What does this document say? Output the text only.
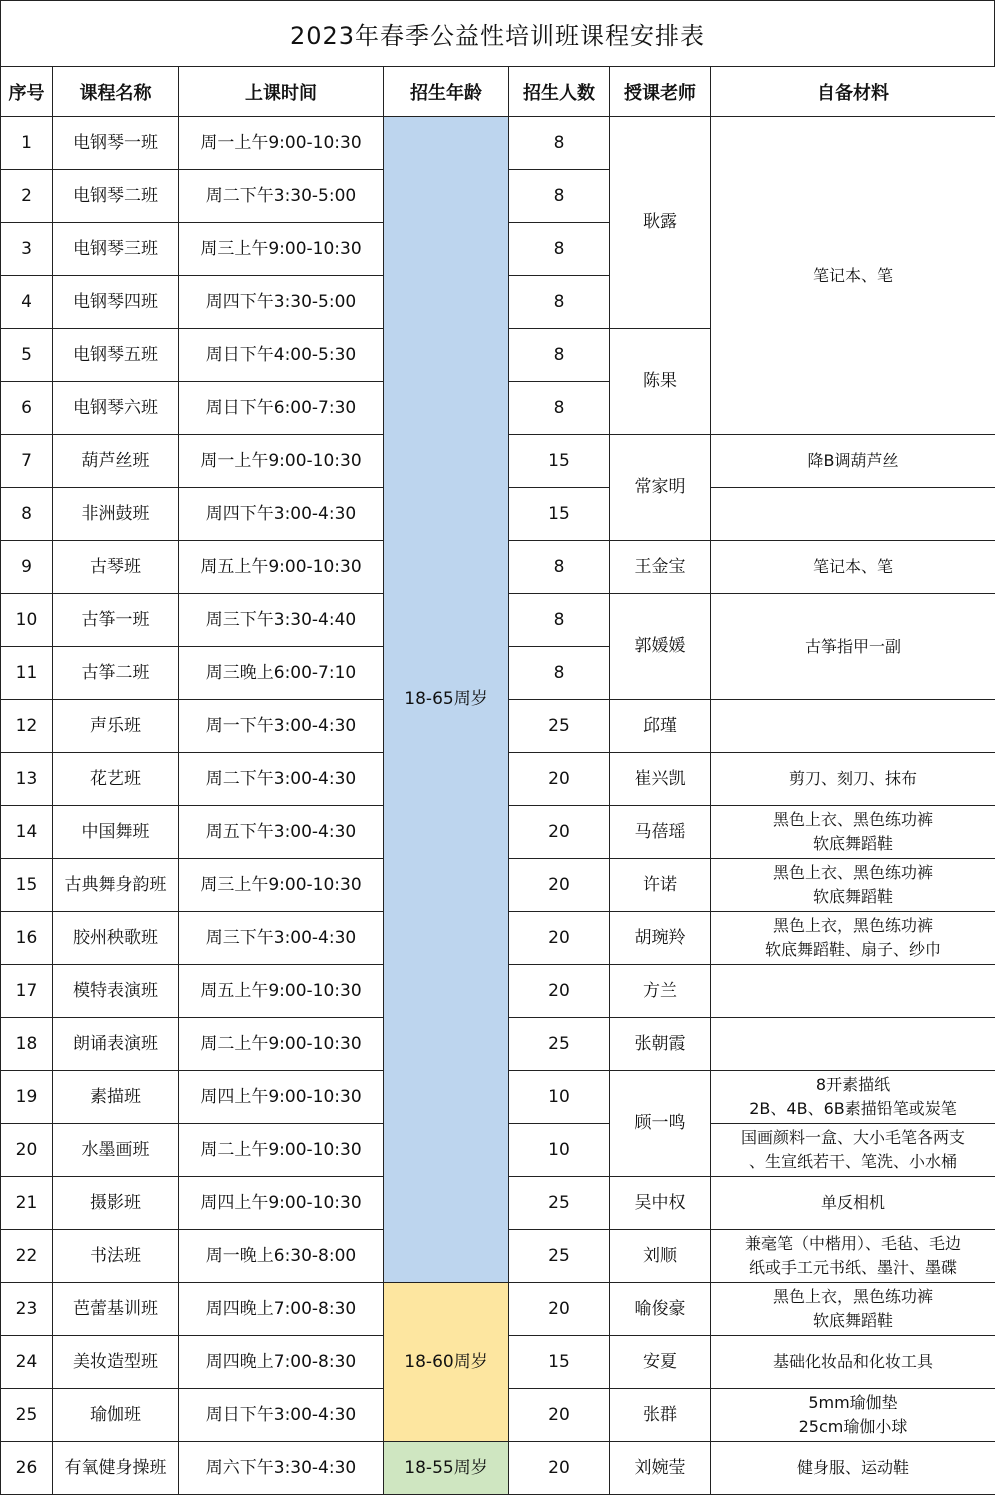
2023年春季公益性培训班课程安排表
序号	课程名称	上课时间	招生年龄	招生人数	授课老师	自备材料
1	电钢琴一班	周一上午9:00-10:30	18-65周岁	8	耿露	笔记本、笔
2	电钢琴二班	周二下午3:30-5:00		8		
3	电钢琴三班	周三上午9:00-10:30		8		
4	电钢琴四班	周四下午3:30-5:00		8		
5	电钢琴五班	周日下午4:00-5:30		8	陈果	
6	电钢琴六班	周日下午6:00-7:30		8		
7	葫芦丝班	周一上午9:00-10:30		15	常家明	降B调葫芦丝
8	非洲鼓班	周四下午3:00-4:30		15		
9	古琴班	周五上午9:00-10:30		8	王金宝	笔记本、笔
10	古筝一班	周三下午3:30-4:40		8	郭媛媛	古筝指甲一副
11	古筝二班	周三晚上6:00-7:10		8		
12	声乐班	周一下午3:00-4:30		25	邱瑾	
13	花艺班	周二下午3:00-4:30		20	崔兴凯	剪刀、刻刀、抹布
14	中国舞班	周五下午3:00-4:30		20	马蓓瑶	黑色上衣、黑色练功裤
软底舞蹈鞋

15	古典舞身韵班	周三上午9:00-10:30		20	许诺	黑色上衣、黑色练功裤
软底舞蹈鞋

16	胶州秧歌班	周三下午3:00-4:30		20	胡琬羚	黑色上衣，黑色练功裤
软底舞蹈鞋、扇子、纱巾

17	模特表演班	周五上午9:00-10:30		20	方兰	
18	朗诵表演班	周二上午9:00-10:30		25	张朝霞	
19	素描班	周四上午9:00-10:30		10	顾一鸣	8开素描纸
2B、4B、6B素描铅笔或炭笔

20	水墨画班	周二上午9:00-10:30		10		国画颜料一盒、大小毛笔各两支
、生宣纸若干、笔洗、小水桶

21	摄影班	周四上午9:00-10:30		25	吴中权	单反相机
22	书法班	周一晚上6:30-8:00		25	刘顺	兼毫笔（中楷用）、毛毡、毛边
纸或手工元书纸、墨汁、墨碟

23	芭蕾基训班	周四晚上7:00-8:30	18-60周岁	20	喻俊豪	黑色上衣，黑色练功裤
软底舞蹈鞋

24	美妆造型班	周四晚上7:00-8:30		15	安夏	基础化妆品和化妆工具
25	瑜伽班	周日下午3:00-4:30		20	张群	5mm瑜伽垫
25cm瑜伽小球

26	有氧健身操班	周六下午3:30-4:30	18-55周岁	20	刘婉莹	健身服、运动鞋
